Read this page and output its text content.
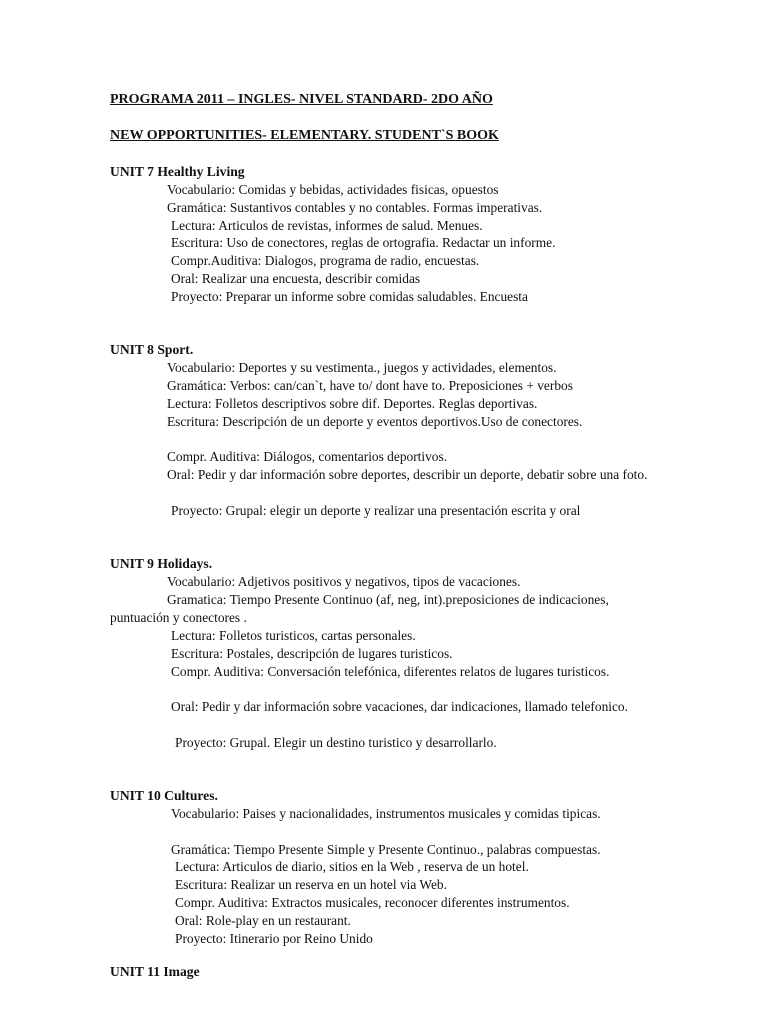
PROGRAMA 2011 – INGLES- NIVEL STANDARD- 2DO AÑO
NEW OPPORTUNITIES- ELEMENTARY. STUDENT`S BOOK
UNIT 7 Healthy Living
Vocabulario: Comidas y bebidas, actividades fisicas, opuestos
Gramática: Sustantivos contables y no contables. Formas imperativas.
Lectura: Articulos de revistas, informes de salud. Menues.
Escritura: Uso de conectores, reglas de ortografia. Redactar un informe.
Compr.Auditiva: Dialogos, programa de radio, encuestas.
Oral: Realizar una encuesta, describir comidas
Proyecto: Preparar un informe sobre comidas saludables. Encuesta
UNIT 8 Sport.
Vocabulario: Deportes y su vestimenta., juegos y actividades, elementos.
Gramática: Verbos: can/can`t, have to/ dont have to. Preposiciones + verbos
Lectura: Folletos descriptivos sobre dif. Deportes. Reglas deportivas.
Escritura: Descripción de un deporte y eventos deportivos.Uso de conectores.
Compr. Auditiva: Diálogos, comentarios deportivos.
Oral: Pedir y dar información sobre deportes, describir un deporte, debatir sobre una foto.
Proyecto: Grupal: elegir un deporte y realizar una presentación escrita y oral
UNIT 9 Holidays.
Vocabulario: Adjetivos positivos y negativos, tipos de vacaciones.
Gramatica: Tiempo Presente Continuo (af, neg, int).preposiciones de indicaciones, puntuación y conectores .
Lectura: Folletos turisticos, cartas personales.
Escritura: Postales, descripción de lugares turisticos.
Compr. Auditiva: Conversación telefónica, diferentes relatos de lugares turisticos.
Oral: Pedir y dar información sobre vacaciones, dar indicaciones, llamado telefonico.
Proyecto: Grupal. Elegir un destino turistico y desarrollarlo.
UNIT 10 Cultures.
Vocabulario: Paises y nacionalidades, instrumentos musicales y comidas tipicas.
Gramática: Tiempo Presente Simple y Presente Continuo., palabras compuestas.
Lectura: Articulos de diario, sitios en la Web , reserva de un hotel.
Escritura: Realizar un reserva en un hotel via Web.
Compr. Auditiva: Extractos musicales, reconocer diferentes instrumentos.
Oral: Role-play en un restaurant.
Proyecto: Itinerario por Reino Unido
UNIT 11 Image
